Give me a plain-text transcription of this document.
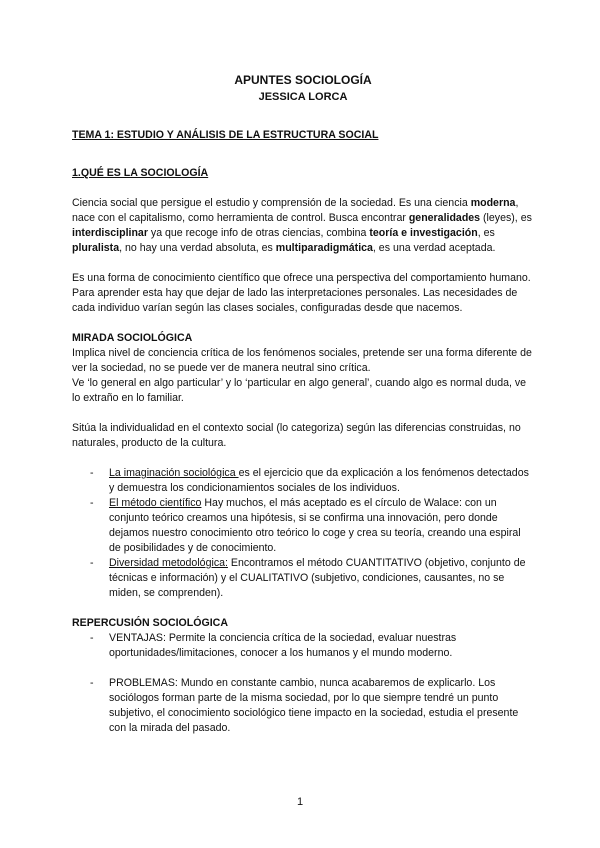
APUNTES SOCIOLOGÍA
JESSICA LORCA
TEMA 1: ESTUDIO Y ANÁLISIS DE LA ESTRUCTURA SOCIAL
1.QUÉ ES LA SOCIOLOGÍA
Ciencia social que persigue el estudio y comprensión de la sociedad. Es una ciencia moderna, nace con el capitalismo, como herramienta de control. Busca encontrar generalidades (leyes), es interdisciplinar ya que recoge info de otras ciencias, combina teoría e investigación, es pluralista, no hay una verdad absoluta, es multiparadigmática, es una verdad aceptada.
Es una forma de conocimiento científico que ofrece una perspectiva del comportamiento humano. Para aprender esta hay que dejar de lado las interpretaciones personales. Las necesidades de cada individuo varían según las clases sociales, configuradas desde que nacemos.
MIRADA SOCIOLÓGICA
Implica nivel de conciencia crítica de los fenómenos sociales, pretende ser una forma diferente de ver la sociedad, no se puede ver de manera neutral sino crítica.
Ve ‘lo general en algo particular’ y lo ‘particular en algo general’, cuando algo es normal duda, ve lo extraño en lo familiar.
Sitúa la individualidad en el contexto social (lo categoriza) según las diferencias construidas, no naturales, producto de la cultura.
-	La imaginación sociológica es el ejercicio que da explicación a los fenómenos detectados y demuestra los condicionamientos sociales de los individuos.
-	El método científico Hay muchos, el más aceptado es el círculo de Walace: con un conjunto teórico creamos una hipótesis, si se confirma una innovación, pero donde dejamos nuestro conocimiento otro teórico lo coge y crea su teoría, creando una espiral de posibilidades y de conocimiento.
-	Diversidad metodológica: Encontramos el método CUANTITATIVO (objetivo, conjunto de técnicas e información) y el CUALITATIVO (subjetivo, condiciones, causantes, no se miden, se comprenden).
REPERCUSIÓN SOCIOLÓGICA
-	VENTAJAS: Permite la conciencia crítica de la sociedad, evaluar nuestras oportunidades/limitaciones, conocer a los humanos y el mundo moderno.
-	PROBLEMAS: Mundo en constante cambio, nunca acabaremos de explicarlo. Los sociólogos forman parte de la misma sociedad, por lo que siempre tendré un punto subjetivo, el conocimiento sociológico tiene impacto en la sociedad, estudia el presente con la mirada del pasado.
1
